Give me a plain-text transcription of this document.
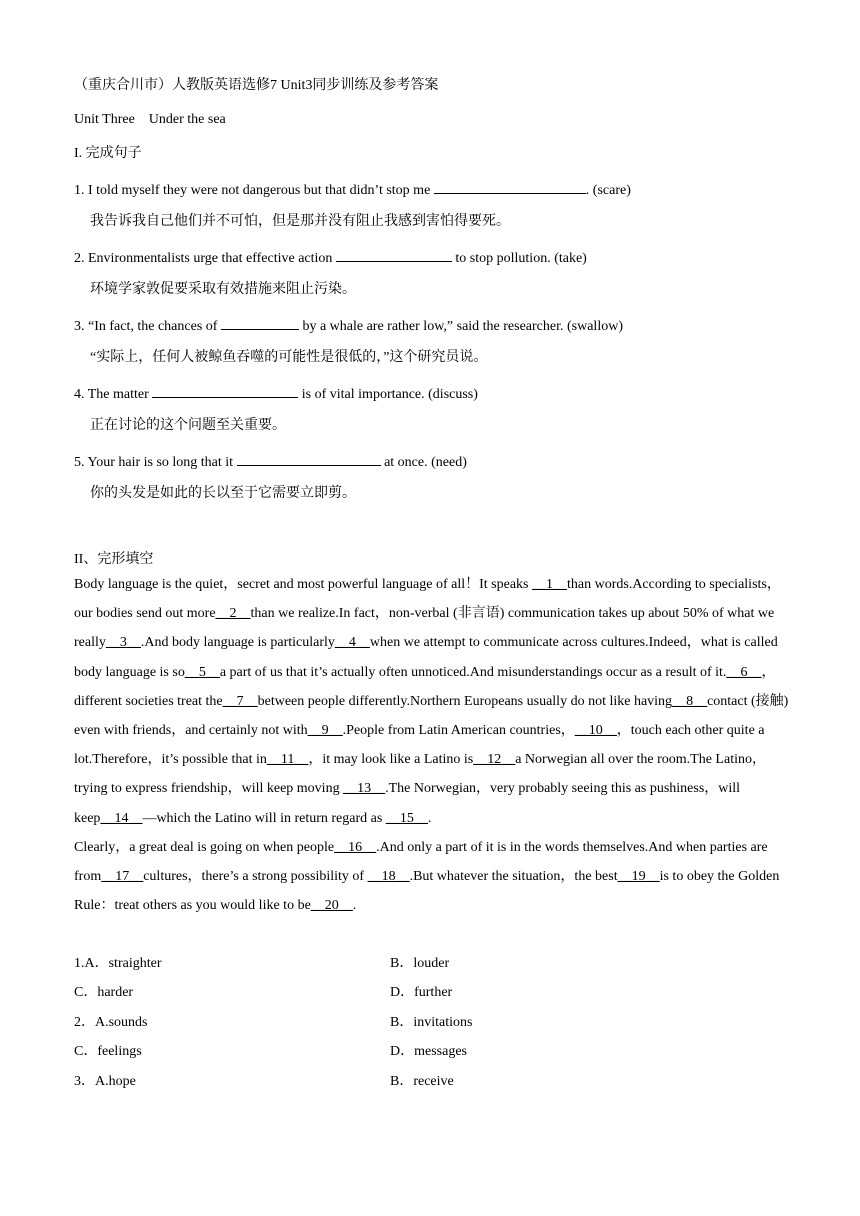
（重庆合川市）人教版英语选修7 Unit3同步训练及参考答案
Unit Three    Under the sea
I. 完成句子
1. I told myself they were not dangerous but that didn’t stop me	. (scare)
我告诉我自己他们并不可怕，但是那并没有阻止我感到害怕得要死。
2. Environmentalists urge that effective action	to stop pollution. (take)
环境学家敦促要采取有效措施来阻止污染。
3. “In fact, the chances of	by a whale are rather low,” said the researcher. (swallow)
“实际上，任何人被鲸鱼吞噬的可能性是很低的，”这个研究员说。
4. The matter	is of vital importance. (discuss)
正在讨论的这个问题至关重要。
5. Your hair is so long that it	at once. (need)
你的头发是如此的长以至于它需要立即剪。
II、完形填空
Body language is the quiet，secret and most powerful language of all！It speaks __1__than words.According to specialists，our bodies send out more__2__than we realize.In fact，non-verbal (非言语) communication takes up about 50% of what we really__3__.And body language is particularly__4__when we attempt to communicate across cultures.Indeed，what is called body language is so__5__a part of us that it’s actually often unnoticed.And misunderstandings occur as a result of it.__6__，different societies treat the__7__between people differently.Northern Europeans usually do not like having__8__contact (接触) even with friends，and certainly not with__9__.People from Latin American countries，__10__，touch each other quite a lot.Therefore，it’s possible that in__11__，it may look like a Latino is__12__a Norwegian all over the room.The Latino，trying to express friendship，will keep moving __13__.The Norwegian，very probably seeing this as pushiness，will keep__14__—which the Latino will in return regard as __15__.
Clearly，a great deal is going on when people__16__.And only a part of it is in the words themselves.And when parties are from__17__cultures，there’s a strong possibility of __18__.But whatever the situation，the best__19__is to obey the Golden Rule：treat others as you would like to be__20__.
1.A．straighter	B．louder
C．harder	D．further
2．A.sounds	B．invitations
C．feelings	D．messages
3．A.hope	B．receive
